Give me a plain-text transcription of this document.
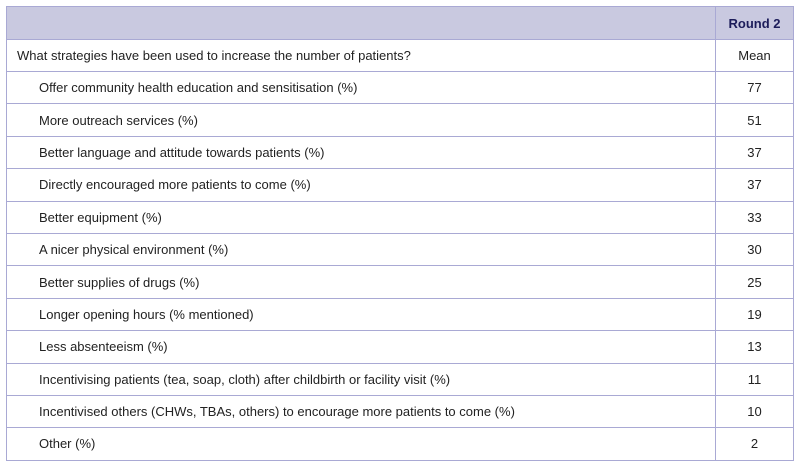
	Round 2
What strategies have been used to increase the number of patients?	Mean
Offer community health education and sensitisation (%)	77
More outreach services (%)	51
Better language and attitude towards patients (%)	37
Directly encouraged more patients to come (%)	37
Better equipment (%)	33
A nicer physical environment (%)	30
Better supplies of drugs (%)	25
Longer opening hours (% mentioned)	19
Less absenteeism (%)	13
Incentivising patients (tea, soap, cloth) after childbirth or facility visit (%)	11
Incentivised others (CHWs, TBAs, others) to encourage more patients to come (%)	10
Other (%)	2
